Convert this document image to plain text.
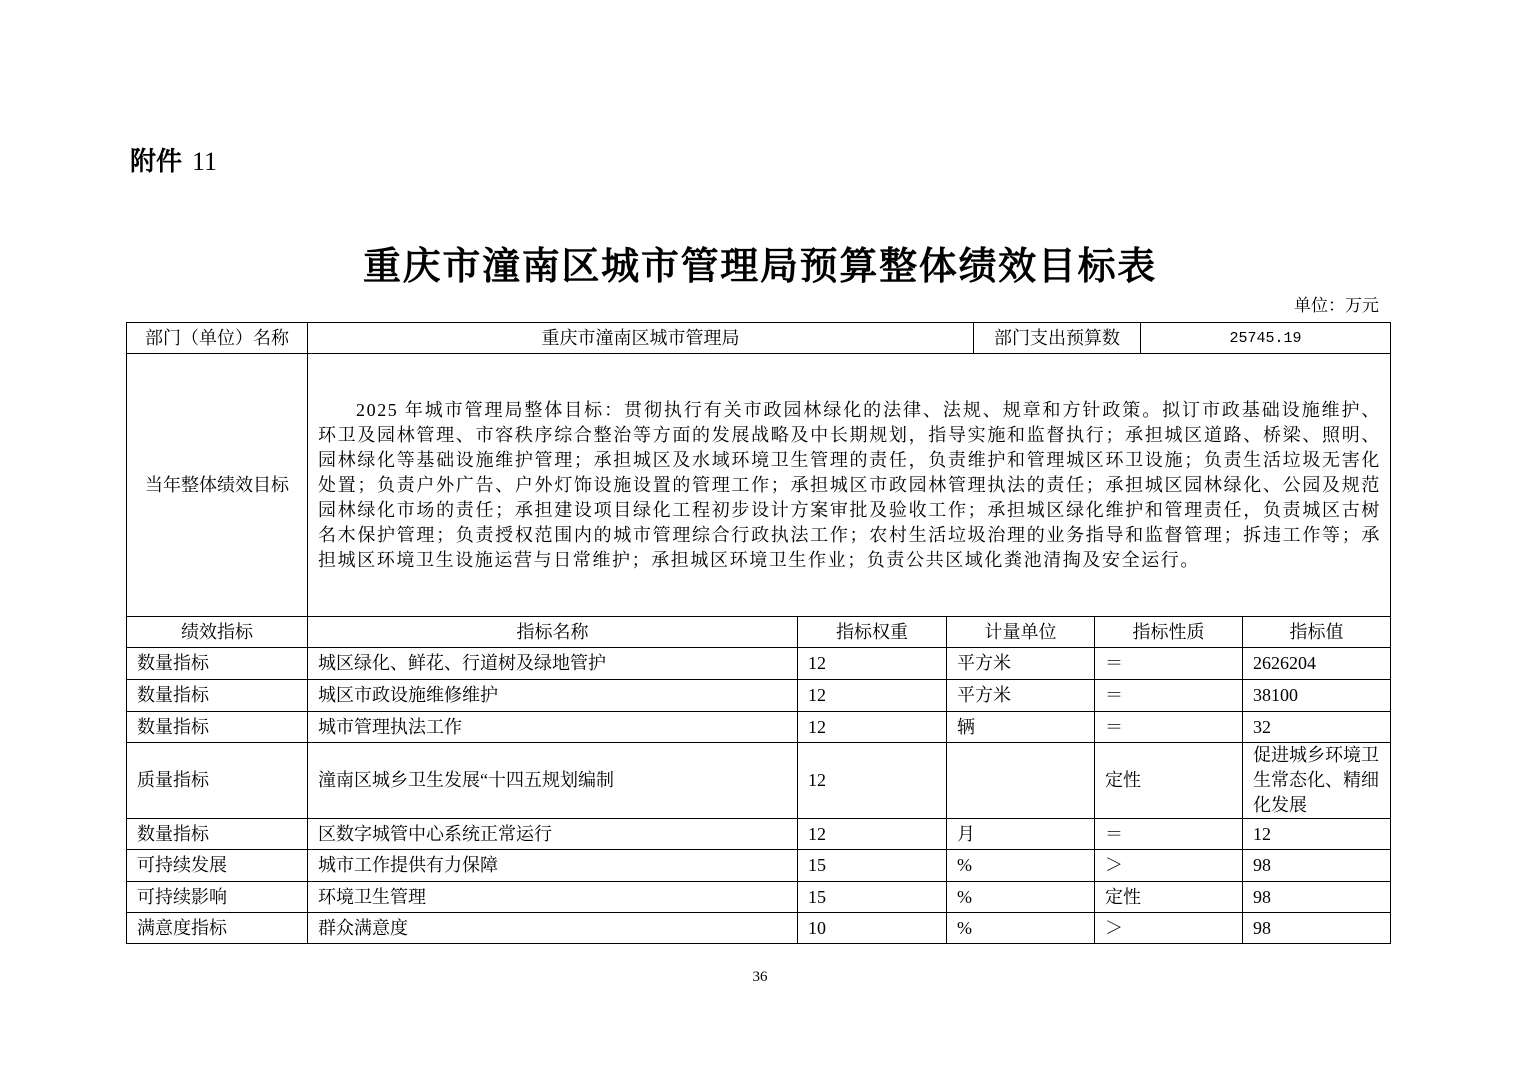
附件 11
重庆市潼南区城市管理局预算整体绩效目标表
单位：万元
部门（单位）名称	重庆市潼南区城市管理局			部门支出预算数		25745.19	
当年整体绩效目标	2025 年城市管理局整体目标：贯彻执行有关市政园林绿化的法律、法规、规章和方针政策。拟订市政基础设施维护、环卫及园林管理、市容秩序综合整治等方面的发展战略及中长期规划，指导实施和监督执行；承担城区道路、桥梁、照明、园林绿化等基础设施维护管理；承担城区及水域环境卫生管理的责任，负责维护和管理城区环卫设施；负责生活垃圾无害化处置；负责户外广告、户外灯饰设施设置的管理工作；承担城区市政园林管理执法的责任；承担城区园林绿化、公园及规范园林绿化市场的责任；承担建设项目绿化工程初步设计方案审批及验收工作；承担城区绿化维护和管理责任，负责城区古树名木保护管理；负责授权范围内的城市管理综合行政执法工作；农村生活垃圾治理的业务指导和监督管理；拆违工作等；承担城区环境卫生设施运营与日常维护；承担城区环境卫生作业；负责公共区域化粪池清掏及安全运行。						
绩效指标	指标名称	指标权重	计量单位		指标性质		指标值
数量指标	城区绿化、鲜花、行道树及绿地管护	12	平方米		＝		2626204
数量指标	城区市政设施维修维护	12	平方米		＝		38100
数量指标	城市管理执法工作	12	辆		＝		32
质量指标	潼南区城乡卫生发展“十四五规划编制	12			定性		促进城乡环境卫生常态化、精细化发展
数量指标	区数字城管中心系统正常运行	12	月		＝		12
可持续发展	城市工作提供有力保障	15	%		＞		98
可持续影响	环境卫生管理	15	%		定性		98
满意度指标	群众满意度	10	%		＞		98
36
